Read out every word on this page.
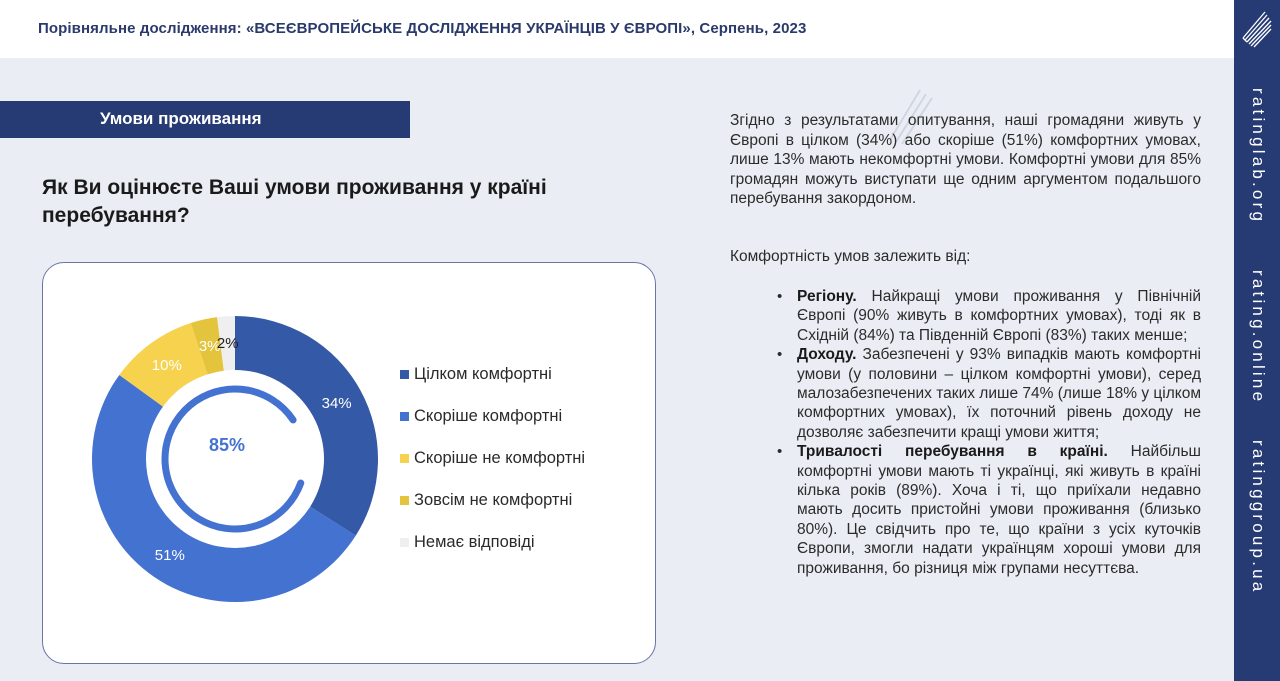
Порівняльне дослідження: «ВСЕЄВРОПЕЙСЬКЕ ДОСЛІДЖЕННЯ УКРАЇНЦІВ У ЄВРОПІ», Серпень, 2023
ratinglab.org
rating.online
ratinggroup.ua
Умови проживання
Як Ви оцінюєте Ваші умови проживання у країні перебування?
34%
51%
10%
3%
2%
85%
Цілком комфортні
Скоріше комфортні
Скоріше не комфортні
Зовсім не комфортні
Немає відповіді
Згідно з результатами опитування, наші громадяни живуть у Європі в цілком (34%) або скоріше (51%) комфортних умовах, лише 13% мають некомфортні умови. Комфортні умови для 85% громадян можуть виступати ще одним аргументом подальшого перебування закордоном.
Комфортність умов залежить від:
• Регіону. Найкращі умови проживання у Північній Європі (90% живуть в комфортних умовах), тоді як в Східній (84%) та Південній Європі (83%) таких менше;
• Доходу. Забезпечені у 93% випадків мають комфортні умови (у половини – цілком комфортні умови), серед малозабезпечених таких лише 74% (лише 18% у цілком комфортних умовах), їх поточний рівень доходу не дозволяє забезпечити кращі умови життя;
• Тривалості перебування в країні. Найбільш комфортні умови мають ті українці, які живуть в країні кілька років (89%). Хоча і ті, що приїхали недавно мають досить пристойні умови проживання (близько 80%). Це свідчить про те, що країни з усіх куточків Європи, змогли надати українцям хороші умови для проживання, бо різниця між групами несуттєва.
